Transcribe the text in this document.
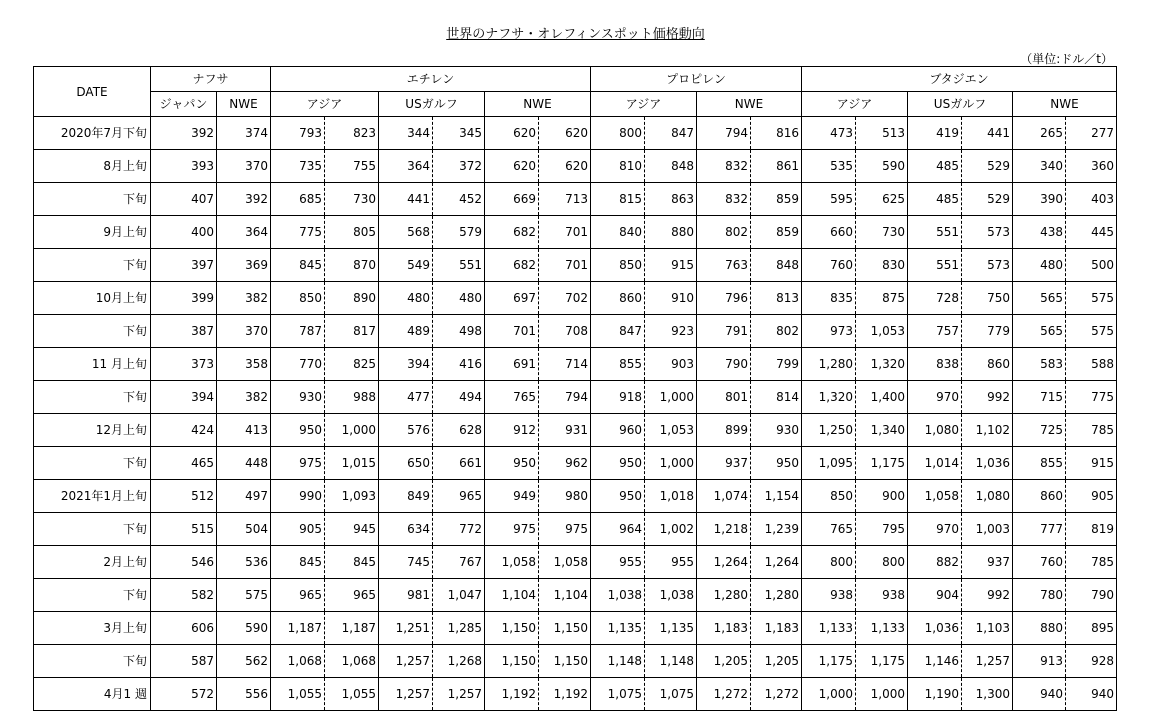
世界のナフサ・オレフィンスポット価格動向
（単位:ドル／t）
DATE	ナフサ		エチレン						プロピレン				ブタジエン					
	ジャパン	NWE	アジア		USガルフ		NWE		アジア		NWE		アジア		USガルフ		NWE	
2020年7月下旬	392	374	793	823	344	345	620	620	800	847	794	816	473	513	419	441	265	277
8月上旬	393	370	735	755	364	372	620	620	810	848	832	861	535	590	485	529	340	360
下旬	407	392	685	730	441	452	669	713	815	863	832	859	595	625	485	529	390	403
9月上旬	400	364	775	805	568	579	682	701	840	880	802	859	660	730	551	573	438	445
下旬	397	369	845	870	549	551	682	701	850	915	763	848	760	830	551	573	480	500
10月上旬	399	382	850	890	480	480	697	702	860	910	796	813	835	875	728	750	565	575
下旬	387	370	787	817	489	498	701	708	847	923	791	802	973	1,053	757	779	565	575
11 月上旬	373	358	770	825	394	416	691	714	855	903	790	799	1,280	1,320	838	860	583	588
下旬	394	382	930	988	477	494	765	794	918	1,000	801	814	1,320	1,400	970	992	715	775
12月上旬	424	413	950	1,000	576	628	912	931	960	1,053	899	930	1,250	1,340	1,080	1,102	725	785
下旬	465	448	975	1,015	650	661	950	962	950	1,000	937	950	1,095	1,175	1,014	1,036	855	915
2021年1月上旬	512	497	990	1,093	849	965	949	980	950	1,018	1,074	1,154	850	900	1,058	1,080	860	905
下旬	515	504	905	945	634	772	975	975	964	1,002	1,218	1,239	765	795	970	1,003	777	819
2月上旬	546	536	845	845	745	767	1,058	1,058	955	955	1,264	1,264	800	800	882	937	760	785
下旬	582	575	965	965	981	1,047	1,104	1,104	1,038	1,038	1,280	1,280	938	938	904	992	780	790
3月上旬	606	590	1,187	1,187	1,251	1,285	1,150	1,150	1,135	1,135	1,183	1,183	1,133	1,133	1,036	1,103	880	895
下旬	587	562	1,068	1,068	1,257	1,268	1,150	1,150	1,148	1,148	1,205	1,205	1,175	1,175	1,146	1,257	913	928
4月1 週	572	556	1,055	1,055	1,257	1,257	1,192	1,192	1,075	1,075	1,272	1,272	1,000	1,000	1,190	1,300	940	940
